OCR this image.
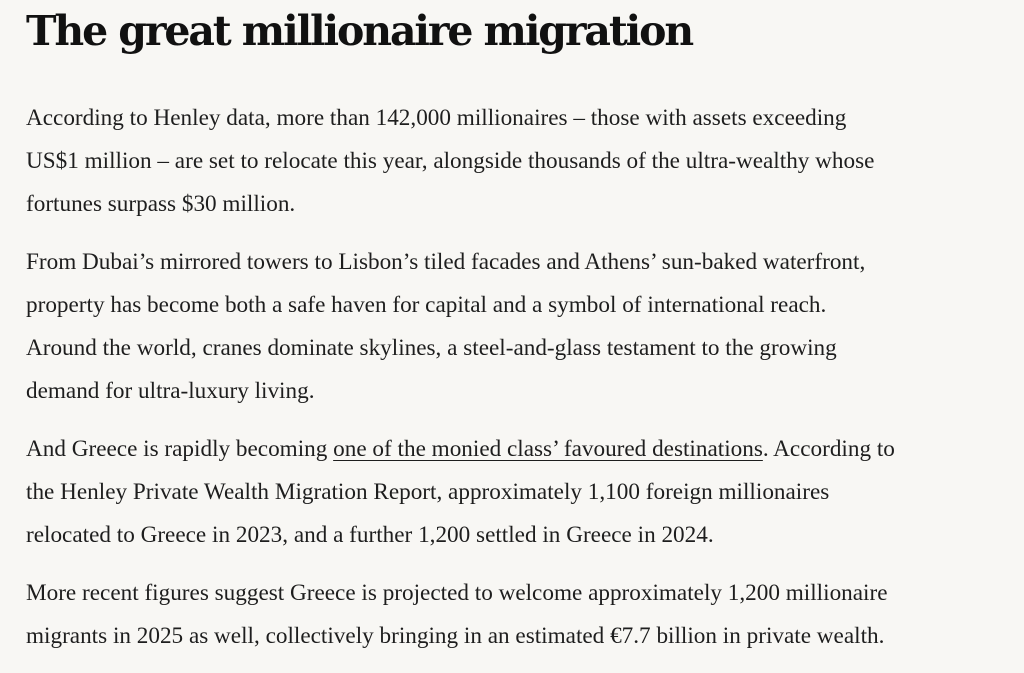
The great millionaire migration

According to Henley data, more than 142,000 millionaires – those with assets exceeding
US$1 million – are set to relocate this year, alongside thousands of the ultra-wealthy whose
fortunes surpass $30 million.

From Dubai’s mirrored towers to Lisbon’s tiled facades and Athens’ sun-baked waterfront,
property has become both a safe haven for capital and a symbol of international reach.
Around the world, cranes dominate skylines, a steel-and-glass testament to the growing
demand for ultra-luxury living.

And Greece is rapidly becoming one of the monied class’ favoured destinations. According to
the Henley Private Wealth Migration Report, approximately 1,100 foreign millionaires
relocated to Greece in 2023, and a further 1,200 settled in Greece in 2024.

More recent figures suggest Greece is projected to welcome approximately 1,200 millionaire
migrants in 2025 as well, collectively bringing in an estimated €7.7 billion in private wealth.
